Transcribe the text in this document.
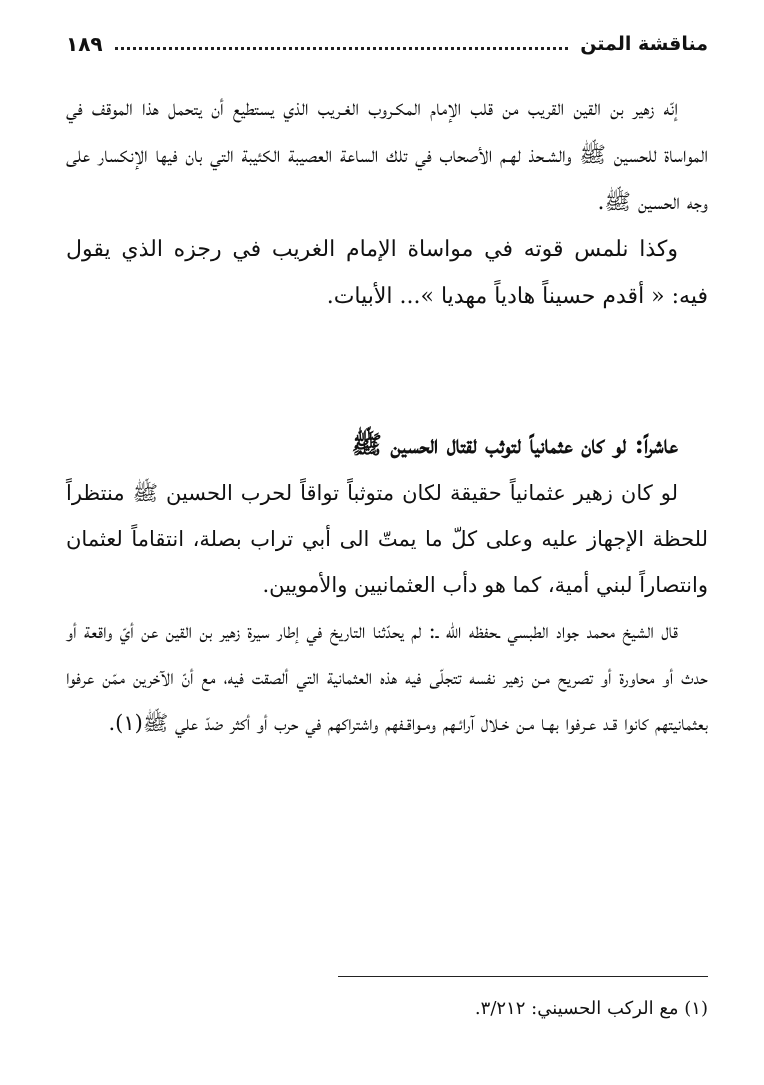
مناقشة المتن
١٨٩

إنّه زهير بن القين القريب من قلب الإمام المكـروب الغـريب الذي يستطيع أن يتحمل هذا الموقف في المواساة للحسين ﷺ والشـحذ لهـم الأصحاب في تلك الساعة العصيبة الكئيبة التي بان فيها الإنكسار على وجه الحسين ﷺ.

وكذا نلمس قوته في مواساة الإمام الغريب في رجزه الذي يقول فيه: « أقدم حسيناً هادياً مهديا »... الأبيات.

عاشراً: لو كان عثمانياً لتوثب لقتال الحسين ﷺ

لو كان زهير عثمانياً حقيقة لكان متوثباً تواقاً لحرب الحسين ﷺ منتظراً للحظة الإجهاز عليه وعلى كلّ ما يمتّ الى أبي تراب بصلة، انتقاماً لعثمان وانتصاراً لبني أمية، كما هو دأب العثمانيين والأمويين.

قال الشيخ محمد جواد الطبسي ـحفظه الله ـ: لم يحدّثنا التاريخ في إطار سيرة زهير بن القين عن أيّ واقعة أو حدث أو محاورة أو تصريح مـن زهير نفسه تتجلّى فيه هذه العثمانية التي ألصقت فيه، مع أنّ الآخرين ممّن عرفوا بعثمانيتهم كانوا قـد عـرفوا بهـا مـن خـلال آرائـهم ومـواقـفهم واشتراكهم في حرب أو أكثر ضدّ علي ﷺ(١).

(١) مع الركب الحسيني: ٣/٢١٢.
